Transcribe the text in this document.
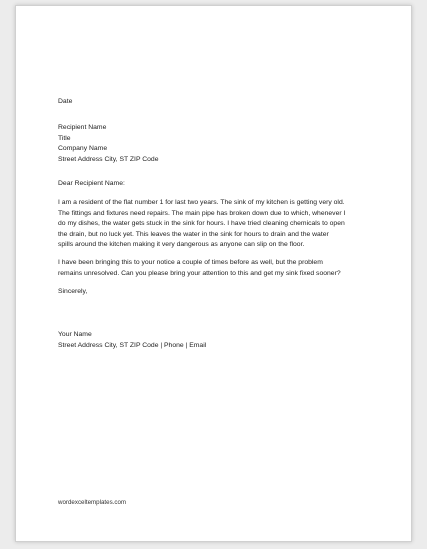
Date

Recipient Name

Title

Company Name

Street Address City, ST ZIP Code

Dear Recipient Name:

I am a resident of the flat number 1 for last two years. The sink of my kitchen is getting very old.

The fittings and fixtures need repairs. The main pipe has broken down due to which, whenever I

do my dishes, the water gets stuck in the sink for hours. I have tried cleaning chemicals to open

the drain, but no luck yet. This leaves the water in the sink for hours to drain and the water

spills around the kitchen making it very dangerous as anyone can slip on the floor.

I have been bringing this to your notice a couple of times before as well, but the problem

remains unresolved. Can you please bring your attention to this and get my sink fixed sooner?

Sincerely,

Your Name

Street Address City, ST ZIP Code | Phone | Email

wordexceltemplates.com
